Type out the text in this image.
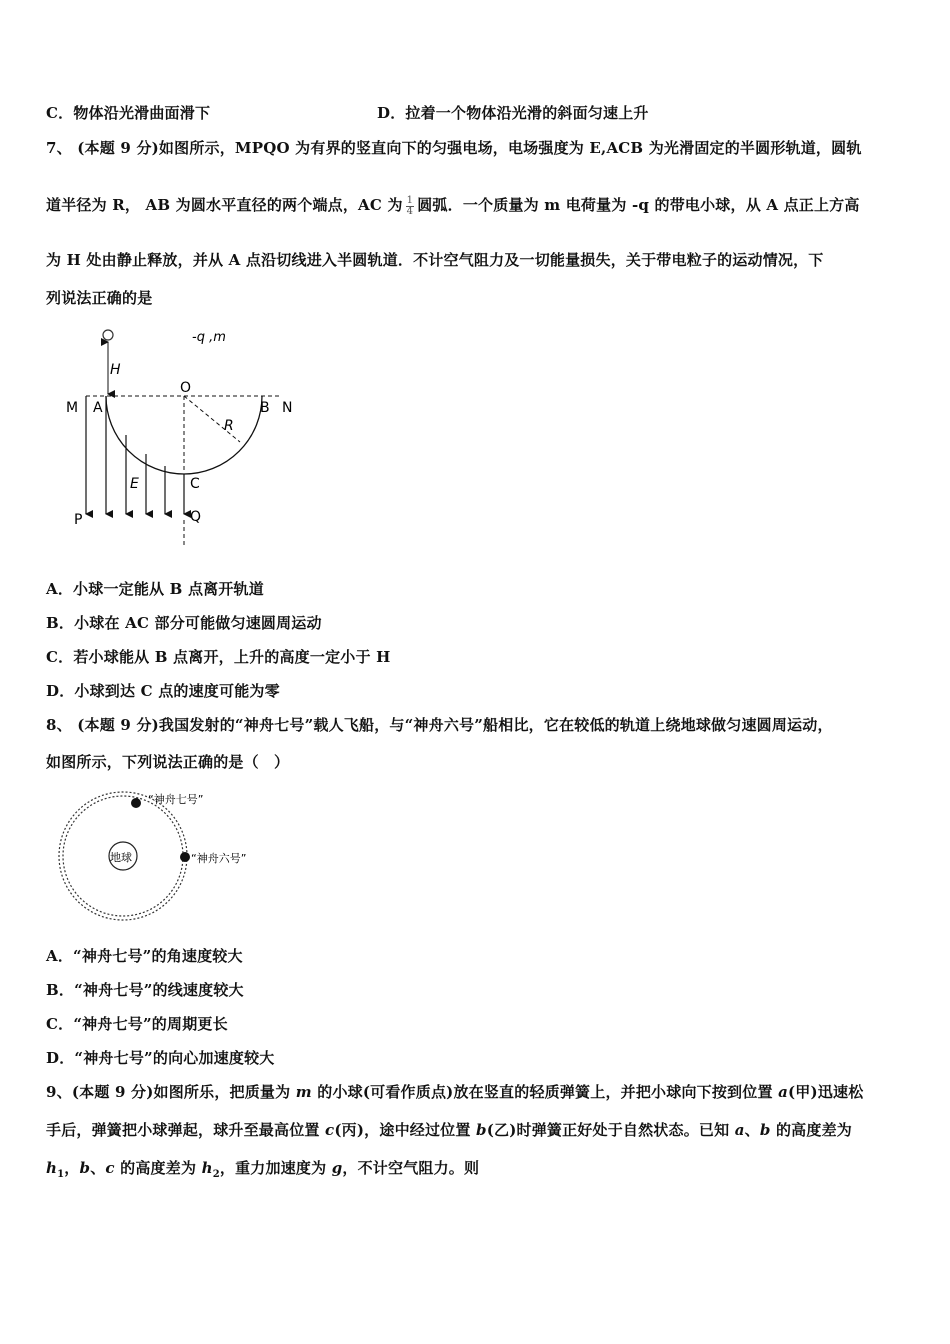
C．物体沿光滑曲面滑下	D．拉着一个物体沿光滑的斜面匀速上升
7、 (本题 9 分)如图所示，MPQO 为有界的竖直向下的匀强电场，电场强度为 E,ACB 为光滑固定的半圆形轨道，圆轨
道半径为 R， AB 为圆水平直径的两个端点，AC 为 $\frac{1}{4}$ 圆弧．一个质量为 m 电荷量为 -q 的带电小球，从 A 点正上方高
为 H 处由静止释放，并从 A 点沿切线进入半圆轨道．不计空气阻力及一切能量损失，关于带电粒子的运动情况，下
列说法正确的是
H
-q ,m
O
M A	B N
R
E	C
P	Q
A．小球一定能从 B 点离开轨道
B．小球在 AC 部分可能做匀速圆周运动
C．若小球能从 B 点离开，上升的高度一定小于 H
D．小球到达 C 点的速度可能为零
8、 (本题 9 分)我国发射的“神舟七号”载人飞船，与“神舟六号”船相比，它在较低的轨道上绕地球做匀速圆周运动，
如图所示，下列说法正确的是（　）
地球
“神舟七号”
“神舟六号”
A．“神舟七号”的角速度较大
B．“神舟七号”的线速度较大
C．“神舟七号”的周期更长
D．“神舟七号”的向心加速度较大
9、(本题 9 分)如图所乐，把质量为 m 的小球(可看作质点)放在竖直的轻质弹簧上，并把小球向下按到位置 a(甲)迅速松
手后，弹簧把小球弹起，球升至最高位置 c(丙)，途中经过位置 b(乙)时弹簧正好处于自然状态。已知 a、b 的高度差为
$h_1$，b、c 的高度差为 $h_2$，重力加速度为 g，不计空气阻力。则
